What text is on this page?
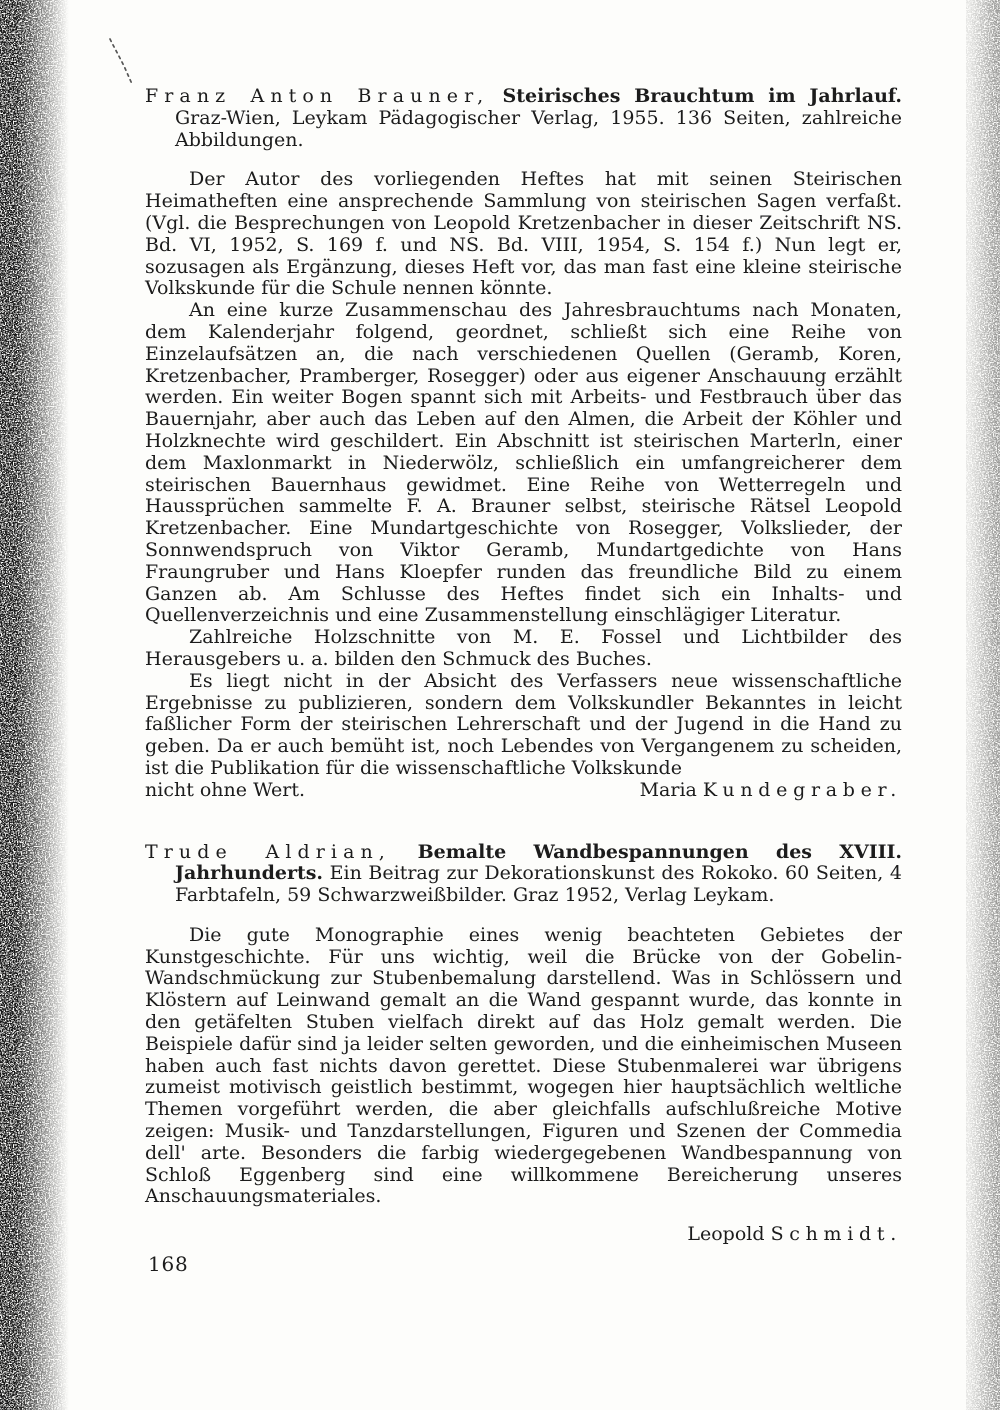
Franz Anton Brauner, Steirisches Brauchtum im Jahrlauf. Graz-Wien, Leykam Pädagogischer Verlag, 1955. 136 Seiten, zahlreiche Abbildungen.

Der Autor des vorliegenden Heftes hat mit seinen Steirischen Heimatheften eine ansprechende Sammlung von steirischen Sagen verfaßt. (Vgl. die Besprechungen von Leopold Kretzenbacher in dieser Zeitschrift NS. Bd. VI, 1952, S. 169 f. und NS. Bd. VIII, 1954, S. 154 f.) Nun legt er, sozusagen als Ergänzung, dieses Heft vor, das man fast eine kleine steirische Volkskunde für die Schule nennen könnte.

An eine kurze Zusammenschau des Jahresbrauchtums nach Monaten, dem Kalenderjahr folgend, geordnet, schließt sich eine Reihe von Einzelaufsätzen an, die nach verschiedenen Quellen (Geramb, Koren, Kretzenbacher, Pramberger, Rosegger) oder aus eigener Anschauung erzählt werden. Ein weiter Bogen spannt sich mit Arbeits- und Festbrauch über das Bauernjahr, aber auch das Leben auf den Almen, die Arbeit der Köhler und Holzknechte wird geschildert. Ein Abschnitt ist steirischen Marterln, einer dem Maxlonmarkt in Niederwölz, schließlich ein umfangreicherer dem steirischen Bauernhaus gewidmet. Eine Reihe von Wetterregeln und Haussprüchen sammelte F. A. Brauner selbst, steirische Rätsel Leopold Kretzenbacher. Eine Mundartgeschichte von Rosegger, Volkslieder, der Sonnwendspruch von Viktor Geramb, Mundartgedichte von Hans Fraungruber und Hans Kloepfer runden das freundliche Bild zu einem Ganzen ab. Am Schlusse des Heftes findet sich ein Inhalts- und Quellenverzeichnis und eine Zusammenstellung einschlägiger Literatur.

Zahlreiche Holzschnitte von M. E. Fossel und Lichtbilder des Herausgebers u. a. bilden den Schmuck des Buches.

Es liegt nicht in der Absicht des Verfassers neue wissenschaftliche Ergebnisse zu publizieren, sondern dem Volkskundler Bekanntes in leicht faßlicher Form der steirischen Lehrerschaft und der Jugend in die Hand zu geben. Da er auch bemüht ist, noch Lebendes von Vergangenem zu scheiden, ist die Publikation für die wissenschaftliche Volkskunde

nicht ohne Wert.	Maria Kundegraber.

Trude Aldrian, Bemalte Wandbespannungen des XVIII. Jahrhunderts. Ein Beitrag zur Dekorationskunst des Rokoko. 60 Seiten, 4 Farbtafeln, 59 Schwarzweißbilder. Graz 1952, Verlag Leykam.

Die gute Monographie eines wenig beachteten Gebietes der Kunstgeschichte. Für uns wichtig, weil die Brücke von der Gobelin-Wandschmückung zur Stubenbemalung darstellend. Was in Schlössern und Klöstern auf Leinwand gemalt an die Wand gespannt wurde, das konnte in den getäfelten Stuben vielfach direkt auf das Holz gemalt werden. Die Beispiele dafür sind ja leider selten geworden, und die einheimischen Museen haben auch fast nichts davon gerettet. Diese Stubenmalerei war übrigens zumeist motivisch geistlich bestimmt, wogegen hier hauptsächlich weltliche Themen vorgeführt werden, die aber gleichfalls aufschlußreiche Motive zeigen: Musik- und Tanzdarstellungen, Figuren und Szenen der Commedia dell' arte. Besonders die farbig wiedergegebenen Wandbespannung von Schloß Eggenberg sind eine willkommene Bereicherung unseres Anschauungsmateriales.

Leopold Schmidt.
168
